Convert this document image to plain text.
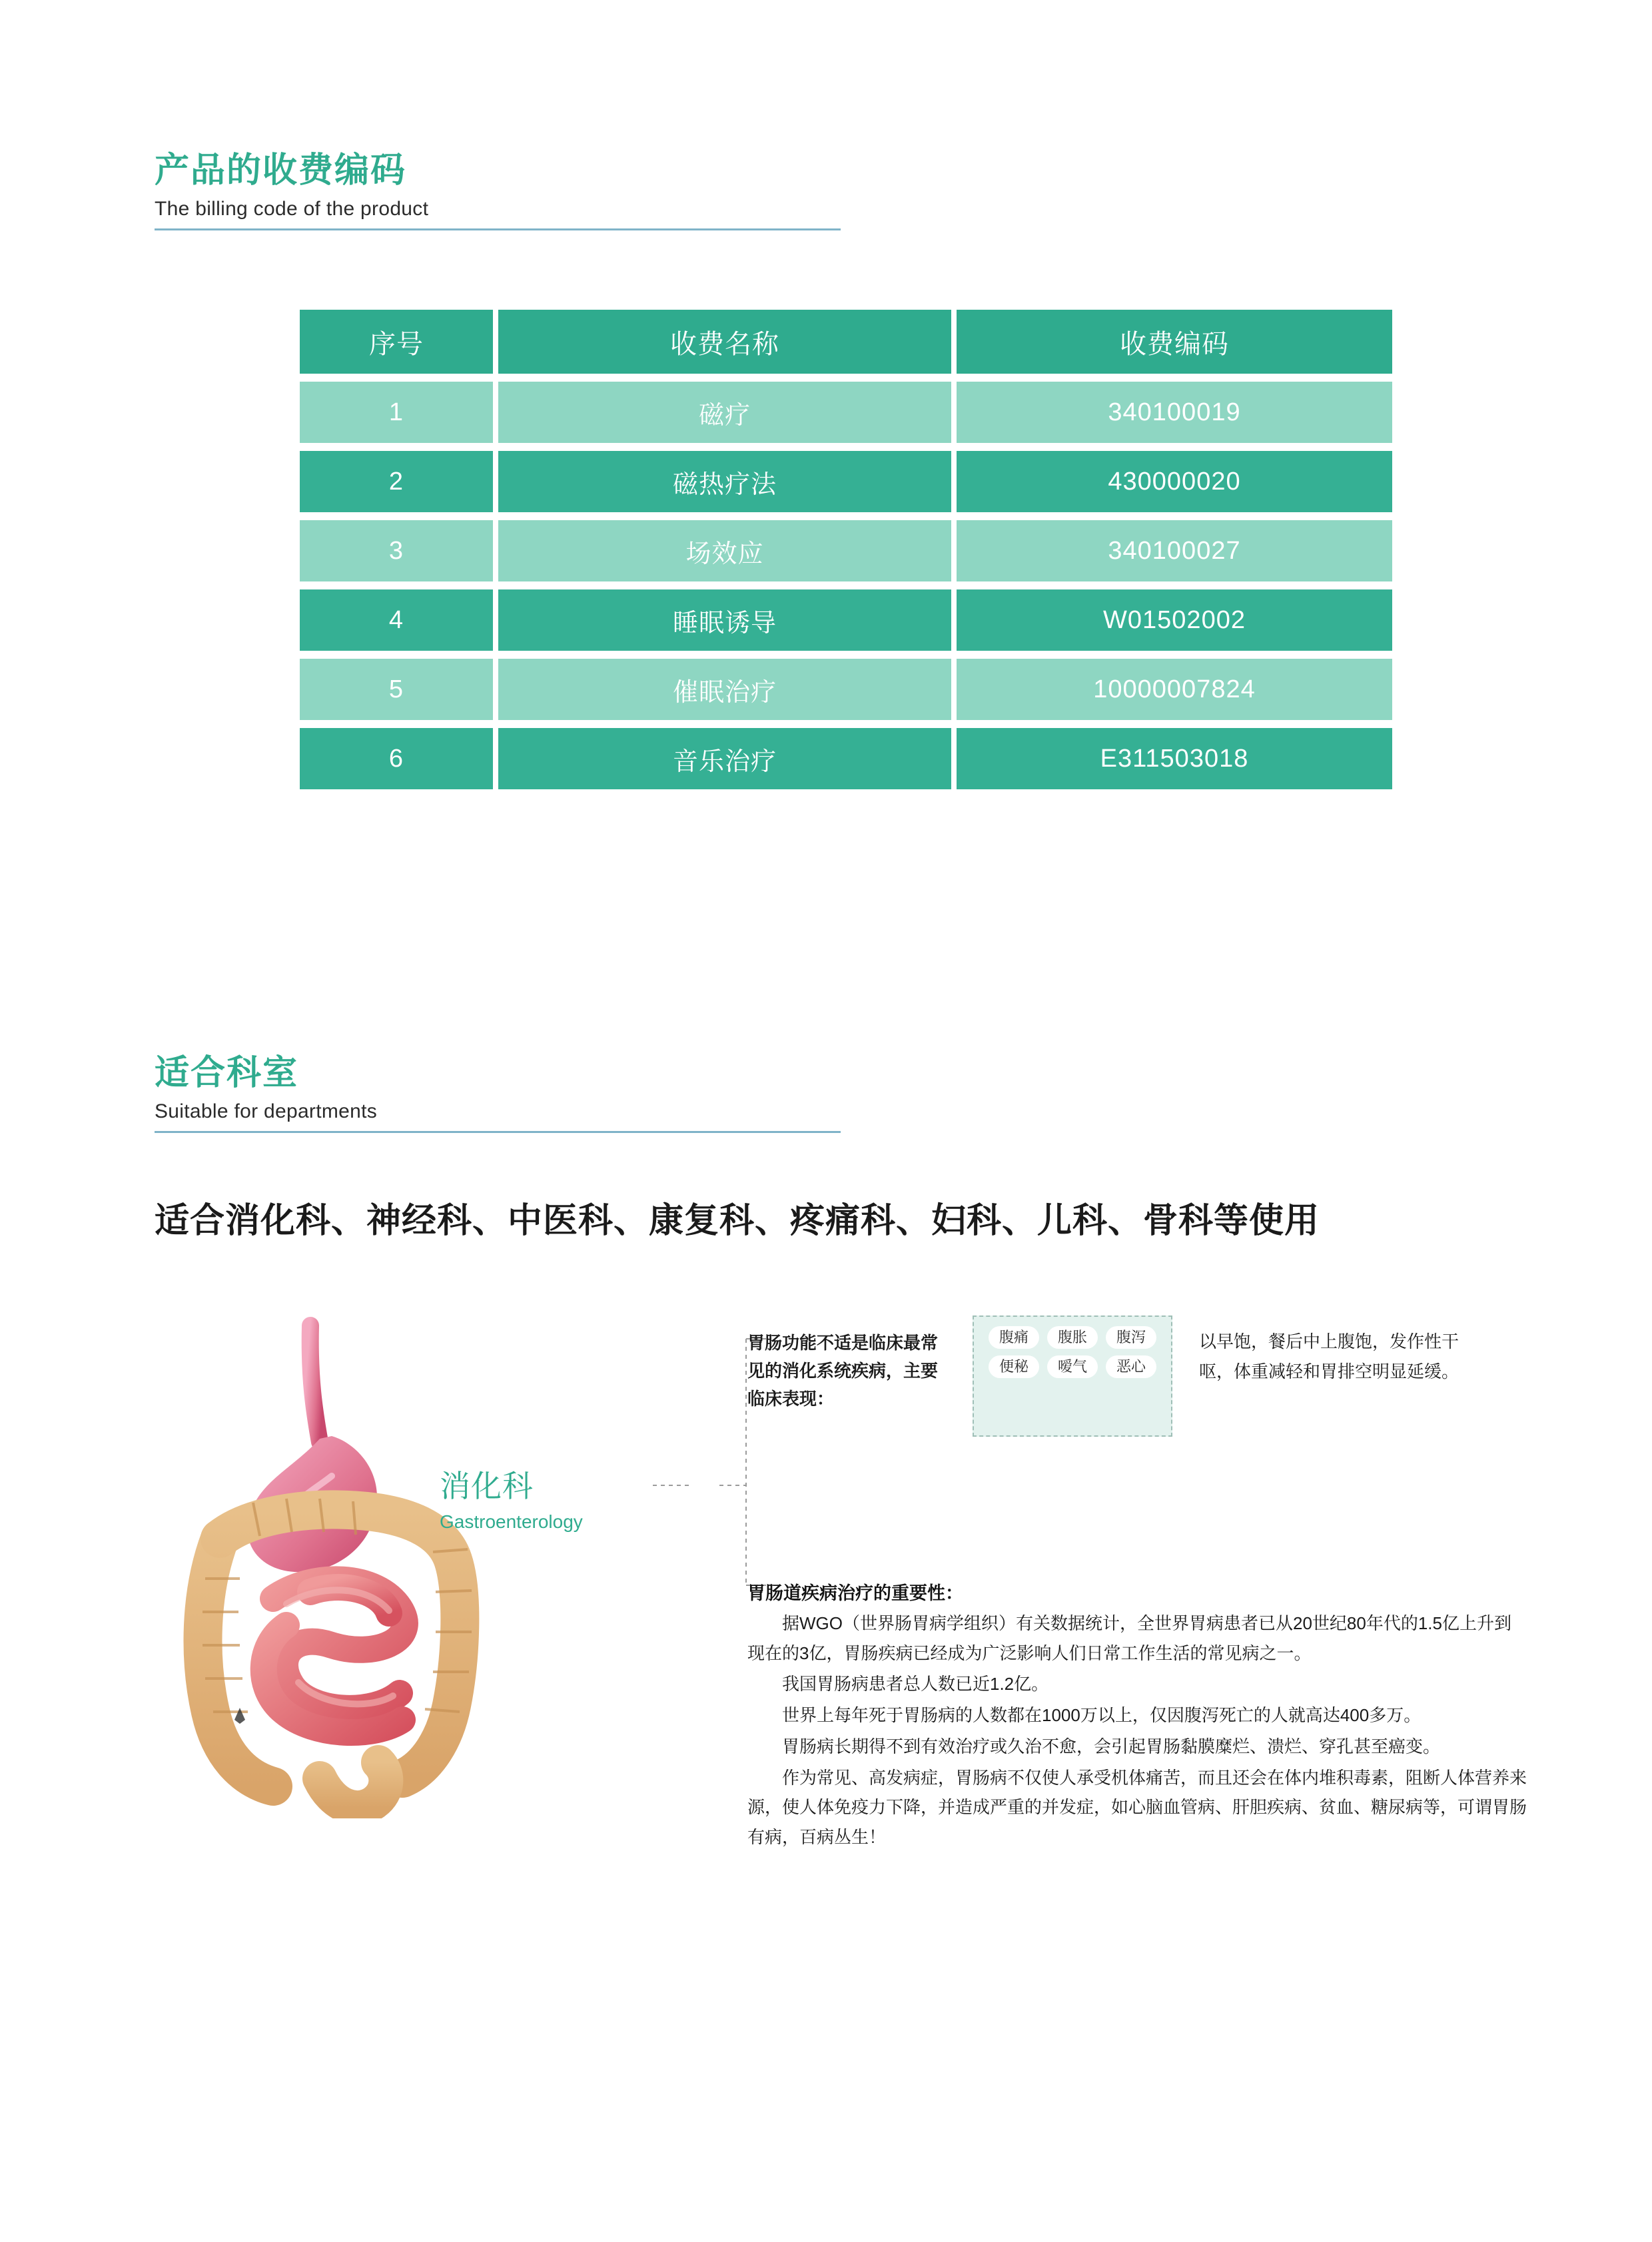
产品的收费编码
The billing code of the product
序号	收费名称	收费编码
1	磁疗	340100019
2	磁热疗法	430000020
3	场效应	340100027
4	睡眠诱导	W01502002
5	催眠治疗	10000007824
6	音乐治疗	E311503018
适合科室
Suitable for departments
适合消化科、神经科、中医科、康复科、疼痛科、妇科、儿科、骨科等使用
消化科
Gastroenterology
胃肠功能不适是临床最常见的消化系统疾病，主要临床表现：
腹痛	腹胀	腹泻
便秘	嗳气	恶心
以早饱，餐后中上腹饱，发作性干呕，体重减轻和胃排空明显延缓。
胃肠道疾病治疗的重要性：

据WGO（世界肠胃病学组织）有关数据统计，全世界胃病患者已从20世纪80年代的1.5亿上升到现在的3亿，胃肠疾病已经成为广泛影响人们日常工作生活的常见病之一。

我国胃肠病患者总人数已近1.2亿。

世界上每年死于胃肠病的人数都在1000万以上，仅因腹泻死亡的人就高达400多万。

胃肠病长期得不到有效治疗或久治不愈，会引起胃肠黏膜糜烂、溃烂、穿孔甚至癌变。

作为常见、高发病症，胃肠病不仅使人承受机体痛苦，而且还会在体内堆积毒素，阻断人体营养来源，使人体免疫力下降，并造成严重的并发症，如心脑血管病、肝胆疾病、贫血、糖尿病等，可谓胃肠有病，百病丛生！
